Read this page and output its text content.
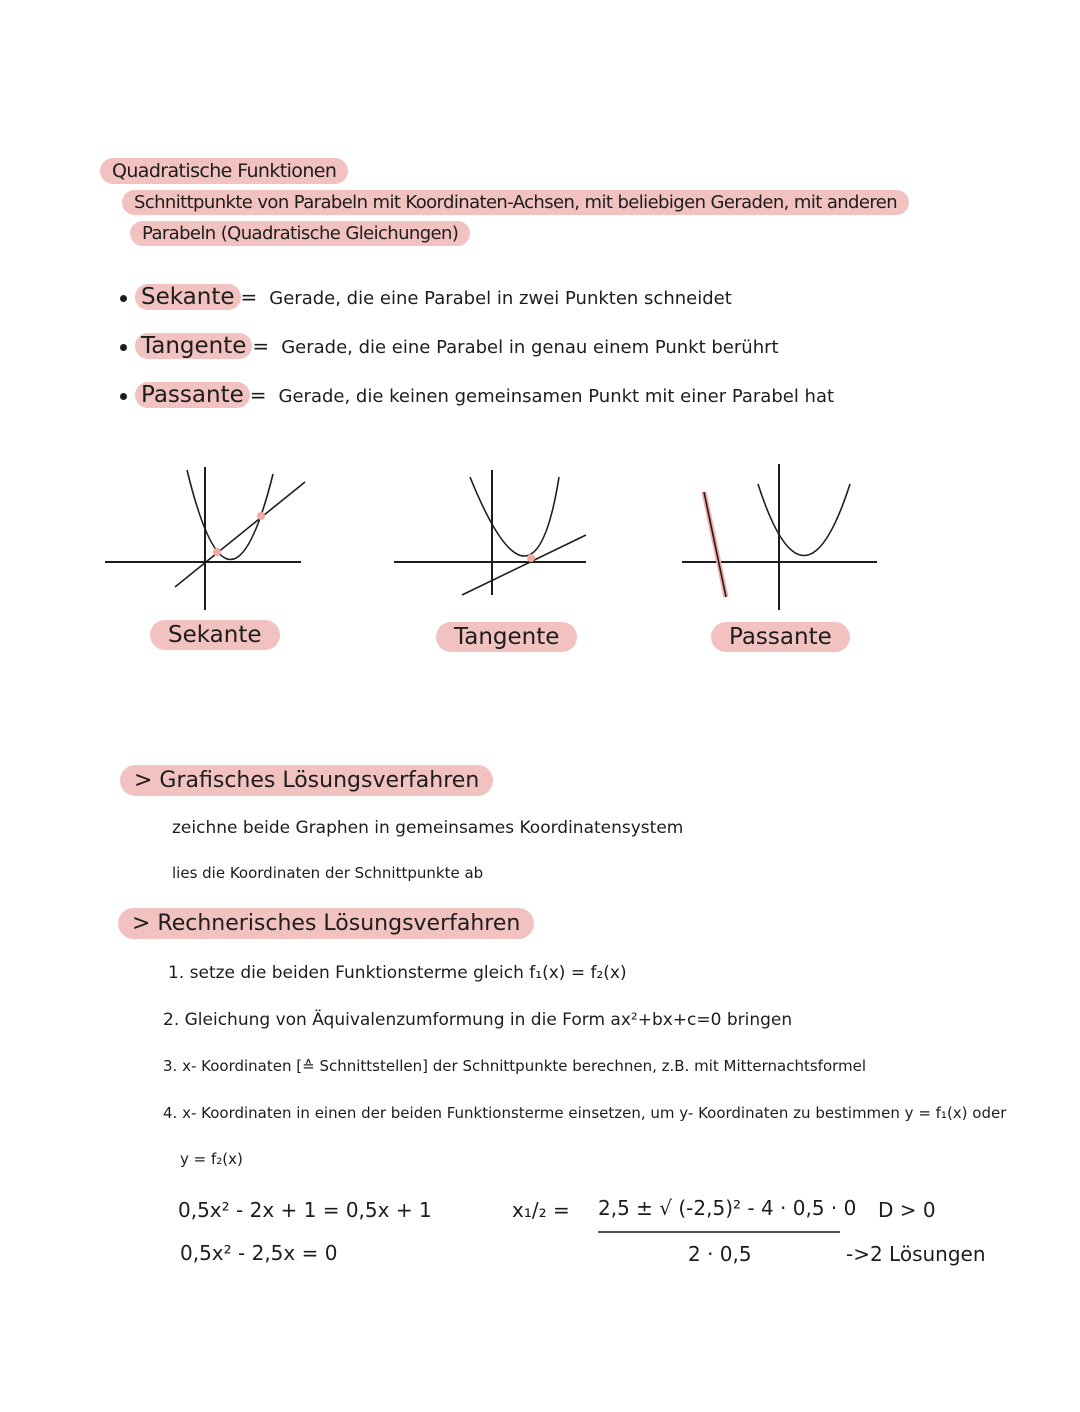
Quadratische Funktionen
Schnittpunkte von Parabeln mit Koordinaten-Achsen, mit beliebigen Geraden, mit anderen
Parabeln (Quadratische Gleichungen)
Sekante = Gerade, die eine Parabel in zwei Punkten schneidet
Tangente = Gerade, die eine Parabel in genau einem Punkt berührt
Passante = Gerade, die keinen gemeinsamen Punkt mit einer Parabel hat
Sekante	Tangente	Passante
> Grafisches Lösungsverfahren
zeichne beide Graphen in gemeinsames Koordinatensystem
lies die Koordinaten der Schnittpunkte ab
> Rechnerisches Lösungsverfahren
1. setze die beiden Funktionsterme gleich f₁(x) = f₂(x)
2. Gleichung von Äquivalenzumformung in die Form ax²+bx+c=0 bringen
3. x- Koordinaten [≙ Schnittstellen] der Schnittpunkte berechnen, z.B. mit Mitternachtsformel
4. x- Koordinaten in einen der beiden Funktionsterme einsetzen, um y- Koordinaten zu bestimmen y = f₁(x) oder
y = f₂(x)
0,5x² - 2x + 1 = 0,5x + 1
0,5x² - 2,5x = 0
x₁/₂ = 2,5 ± √ (-2,5)² - 4 · 0,5 · 0
2 · 0,5
D > 0
->2 Lösungen
